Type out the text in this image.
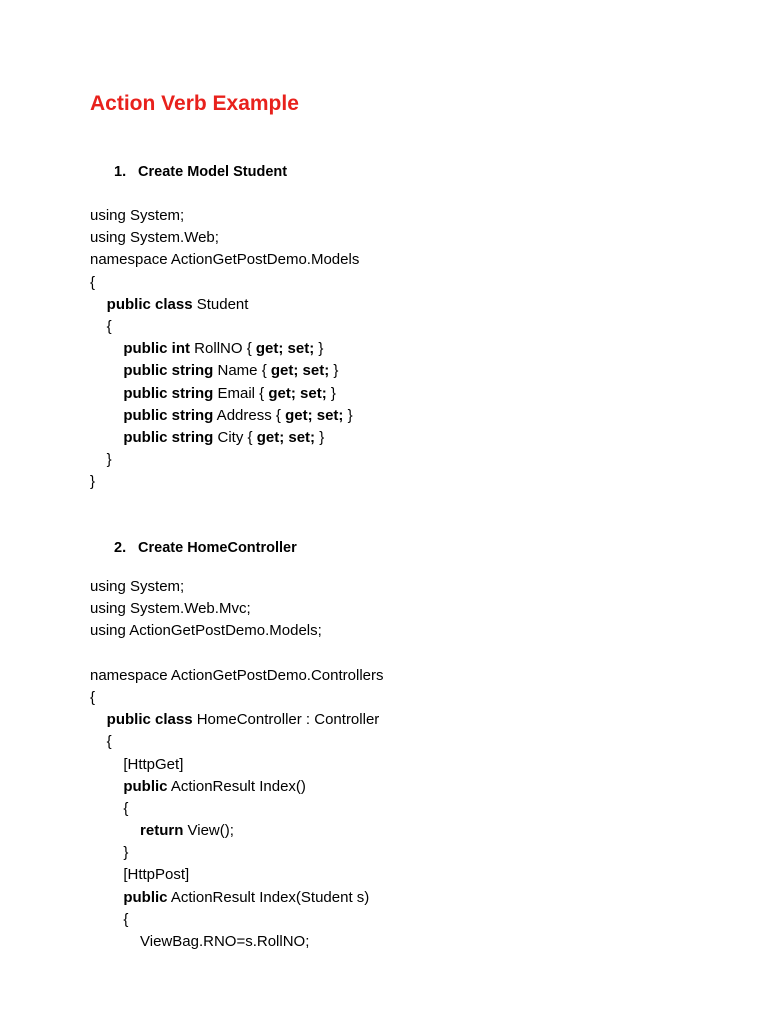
Action Verb Example
1. Create Model Student
using System;
using System.Web;
namespace ActionGetPostDemo.Models
{
public class Student
{
public int RollNO { get; set; }
public string Name { get; set; }
public string Email { get; set; }
public string Address { get; set; }
public string City { get; set; }
}
}
2. Create HomeController
using System;
using System.Web.Mvc;
using ActionGetPostDemo.Models;
namespace ActionGetPostDemo.Controllers
{
public class HomeController : Controller
{
[HttpGet]
public ActionResult Index()
{
return View();
}
[HttpPost]
public ActionResult Index(Student s)
{
ViewBag.RNO=s.RollNO;
